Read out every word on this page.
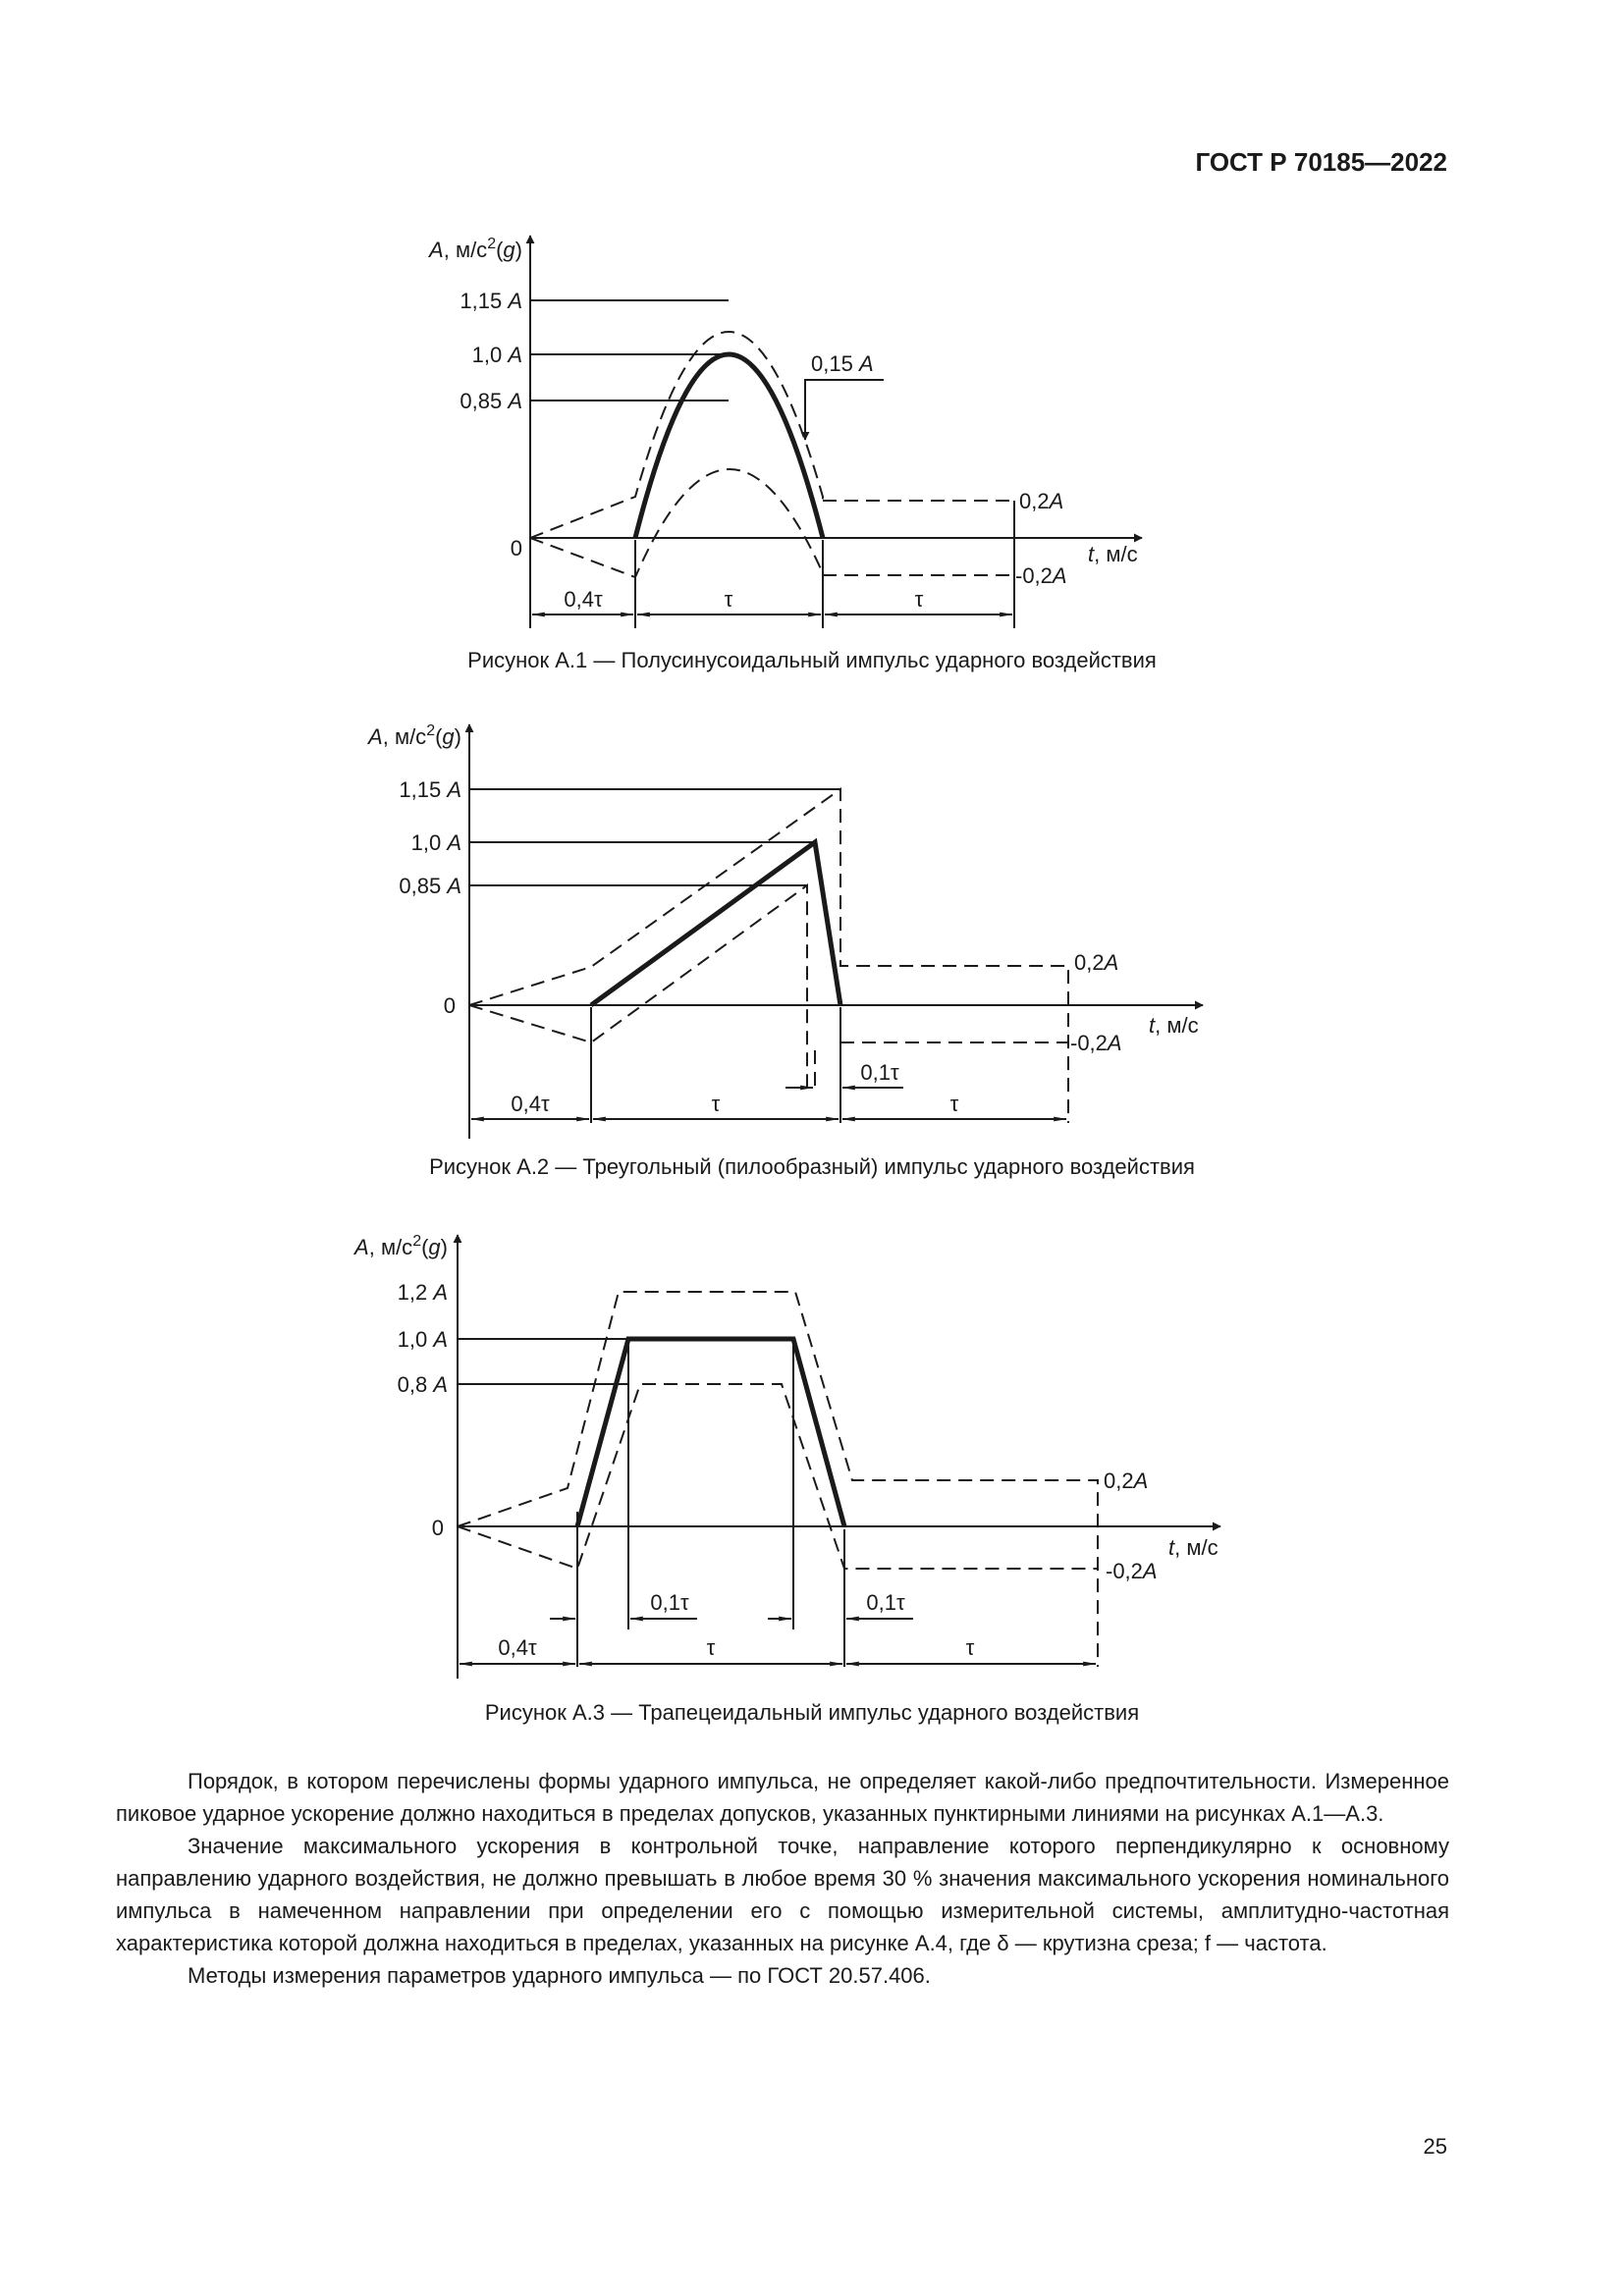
ГОСТ Р 70185—2022
A, $м/с^2(g)$
1,15 A
1,0 A
0,85 A
0
0,15 A
0,2A
-0,2A
t, м/с
0,4τ	τ	τ
Рисунок А.1 — Полусинусоидальный импульс ударного воздействия
A, $м/с^2(g)$
1,15 A
1,0 A
0,85 A
0
0,2A
-0,2A
t, м/с
0,1τ
0,4τ	τ	τ
Рисунок А.2 — Треугольный (пилообразный) импульс ударного воздействия
A, $м/с^2(g)$
1,2 A
1,0 A
0,8 A
0
0,2A
-0,2A
t, м/с
0,1τ	0,1τ
0,4τ	τ	τ
Рисунок А.3 — Трапецеидальный импульс ударного воздействия

Порядок, в котором перечислены формы ударного импульса, не определяет какой-либо предпочтительности. Измеренное пиковое ударное ускорение должно находиться в пределах допусков, указанных пунктирными линиями на рисунках А.1—А.3.

Значение максимального ускорения в контрольной точке, направление которого перпендикулярно к основному направлению ударного воздействия, не должно превышать в любое время 30 % значения максимального ускорения номинального импульса в намеченном направлении при определении его с помощью измерительной системы, амплитудно-частотная характеристика которой должна находиться в пределах, указанных на рисунке А.4, где δ — крутизна среза; f — частота.

Методы измерения параметров ударного импульса — по ГОСТ 20.57.406.

25
